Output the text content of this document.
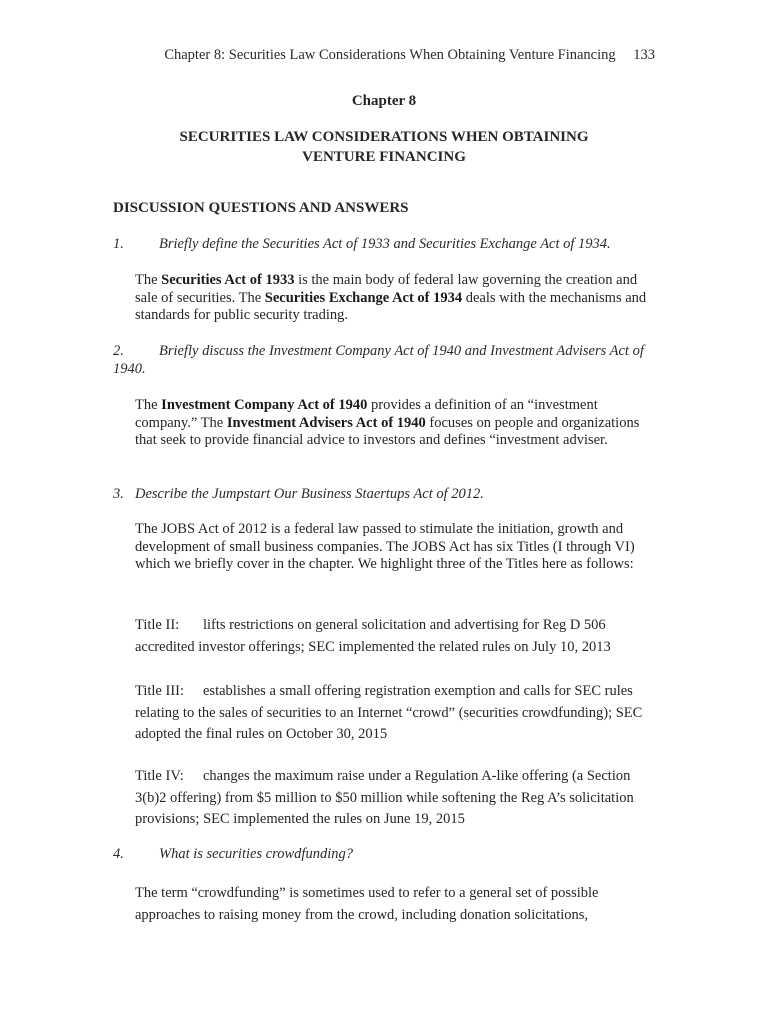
Chapter 8: Securities Law Considerations When Obtaining Venture Financing 133
Chapter 8
SECURITIES LAW CONSIDERATIONS WHEN OBTAINING
VENTURE FINANCING
DISCUSSION QUESTIONS AND ANSWERS
1. Briefly define the Securities Act of 1933 and Securities Exchange Act of 1934.
The Securities Act of 1933 is the main body of federal law governing the creation and sale of securities. The Securities Exchange Act of 1934 deals with the mechanisms and standards for public security trading.
2. Briefly discuss the Investment Company Act of 1940 and Investment Advisers Act of 1940.
The Investment Company Act of 1940 provides a definition of an “investment company.” The Investment Advisers Act of 1940 focuses on people and organizations that seek to provide financial advice to investors and defines “investment adviser.
3. Describe the Jumpstart Our Business Staertups Act of 2012.
The JOBS Act of 2012 is a federal law passed to stimulate the initiation, growth and development of small business companies. The JOBS Act has six Titles (I through VI) which we briefly cover in the chapter. We highlight three of the Titles here as follows:
Title II: lifts restrictions on general solicitation and advertising for Reg D 506 accredited investor offerings; SEC implemented the related rules on July 10, 2013
Title III: establishes a small offering registration exemption and calls for SEC rules relating to the sales of securities to an Internet “crowd” (securities crowdfunding); SEC adopted the final rules on October 30, 2015
Title IV: changes the maximum raise under a Regulation A-like offering (a Section 3(b)2 offering) from $5 million to $50 million while softening the Reg A’s solicitation provisions; SEC implemented the rules on June 19, 2015
4. What is securities crowdfunding?
The term “crowdfunding” is sometimes used to refer to a general set of possible approaches to raising money from the crowd, including donation solicitations,
